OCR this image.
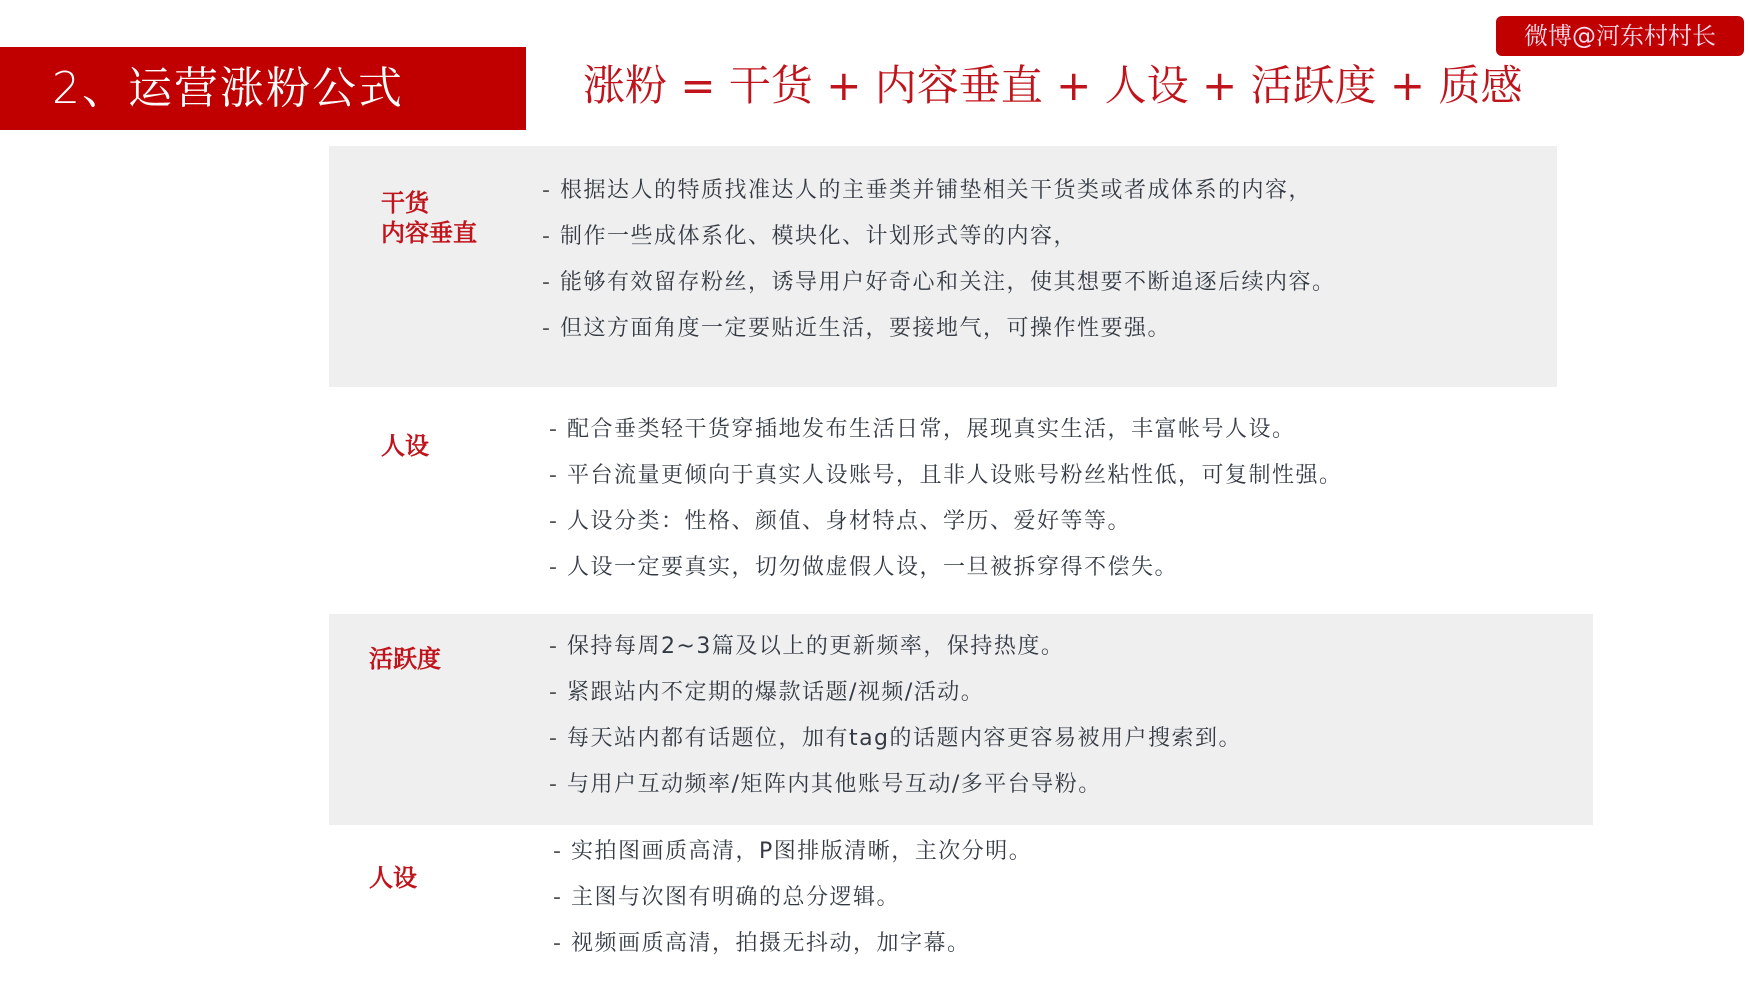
2、运营涨粉公式	涨粉 = 干货 + 内容垂直 + 人设 + 活跃度 + 质感
微博@河东村村长
干货
内容垂直
- 根据达人的特质找准达人的主垂类并铺垫相关干货类或者成体系的内容，
- 制作一些成体系化、模块化、计划形式等的内容，
- 能够有效留存粉丝，诱导用户好奇心和关注，使其想要不断追逐后续内容。
- 但这方面角度一定要贴近生活，要接地气，可操作性要强。
人设
- 配合垂类轻干货穿插地发布生活日常，展现真实生活，丰富帐号人设。
- 平台流量更倾向于真实人设账号，且非人设账号粉丝粘性低，可复制性强。
- 人设分类：性格、颜值、身材特点、学历、爱好等等。
- 人设一定要真实，切勿做虚假人设，一旦被拆穿得不偿失。
活跃度	- 保持每周2~3篇及以上的更新频率，保持热度。
- 紧跟站内不定期的爆款话题/视频/活动。
- 每天站内都有话题位，加有tag的话题内容更容易被用户搜索到。
- 与用户互动频率/矩阵内其他账号互动/多平台导粉。
人设
- 实拍图画质高清，P图排版清晰，主次分明。
- 主图与次图有明确的总分逻辑。
- 视频画质高清，拍摄无抖动，加字幕。
